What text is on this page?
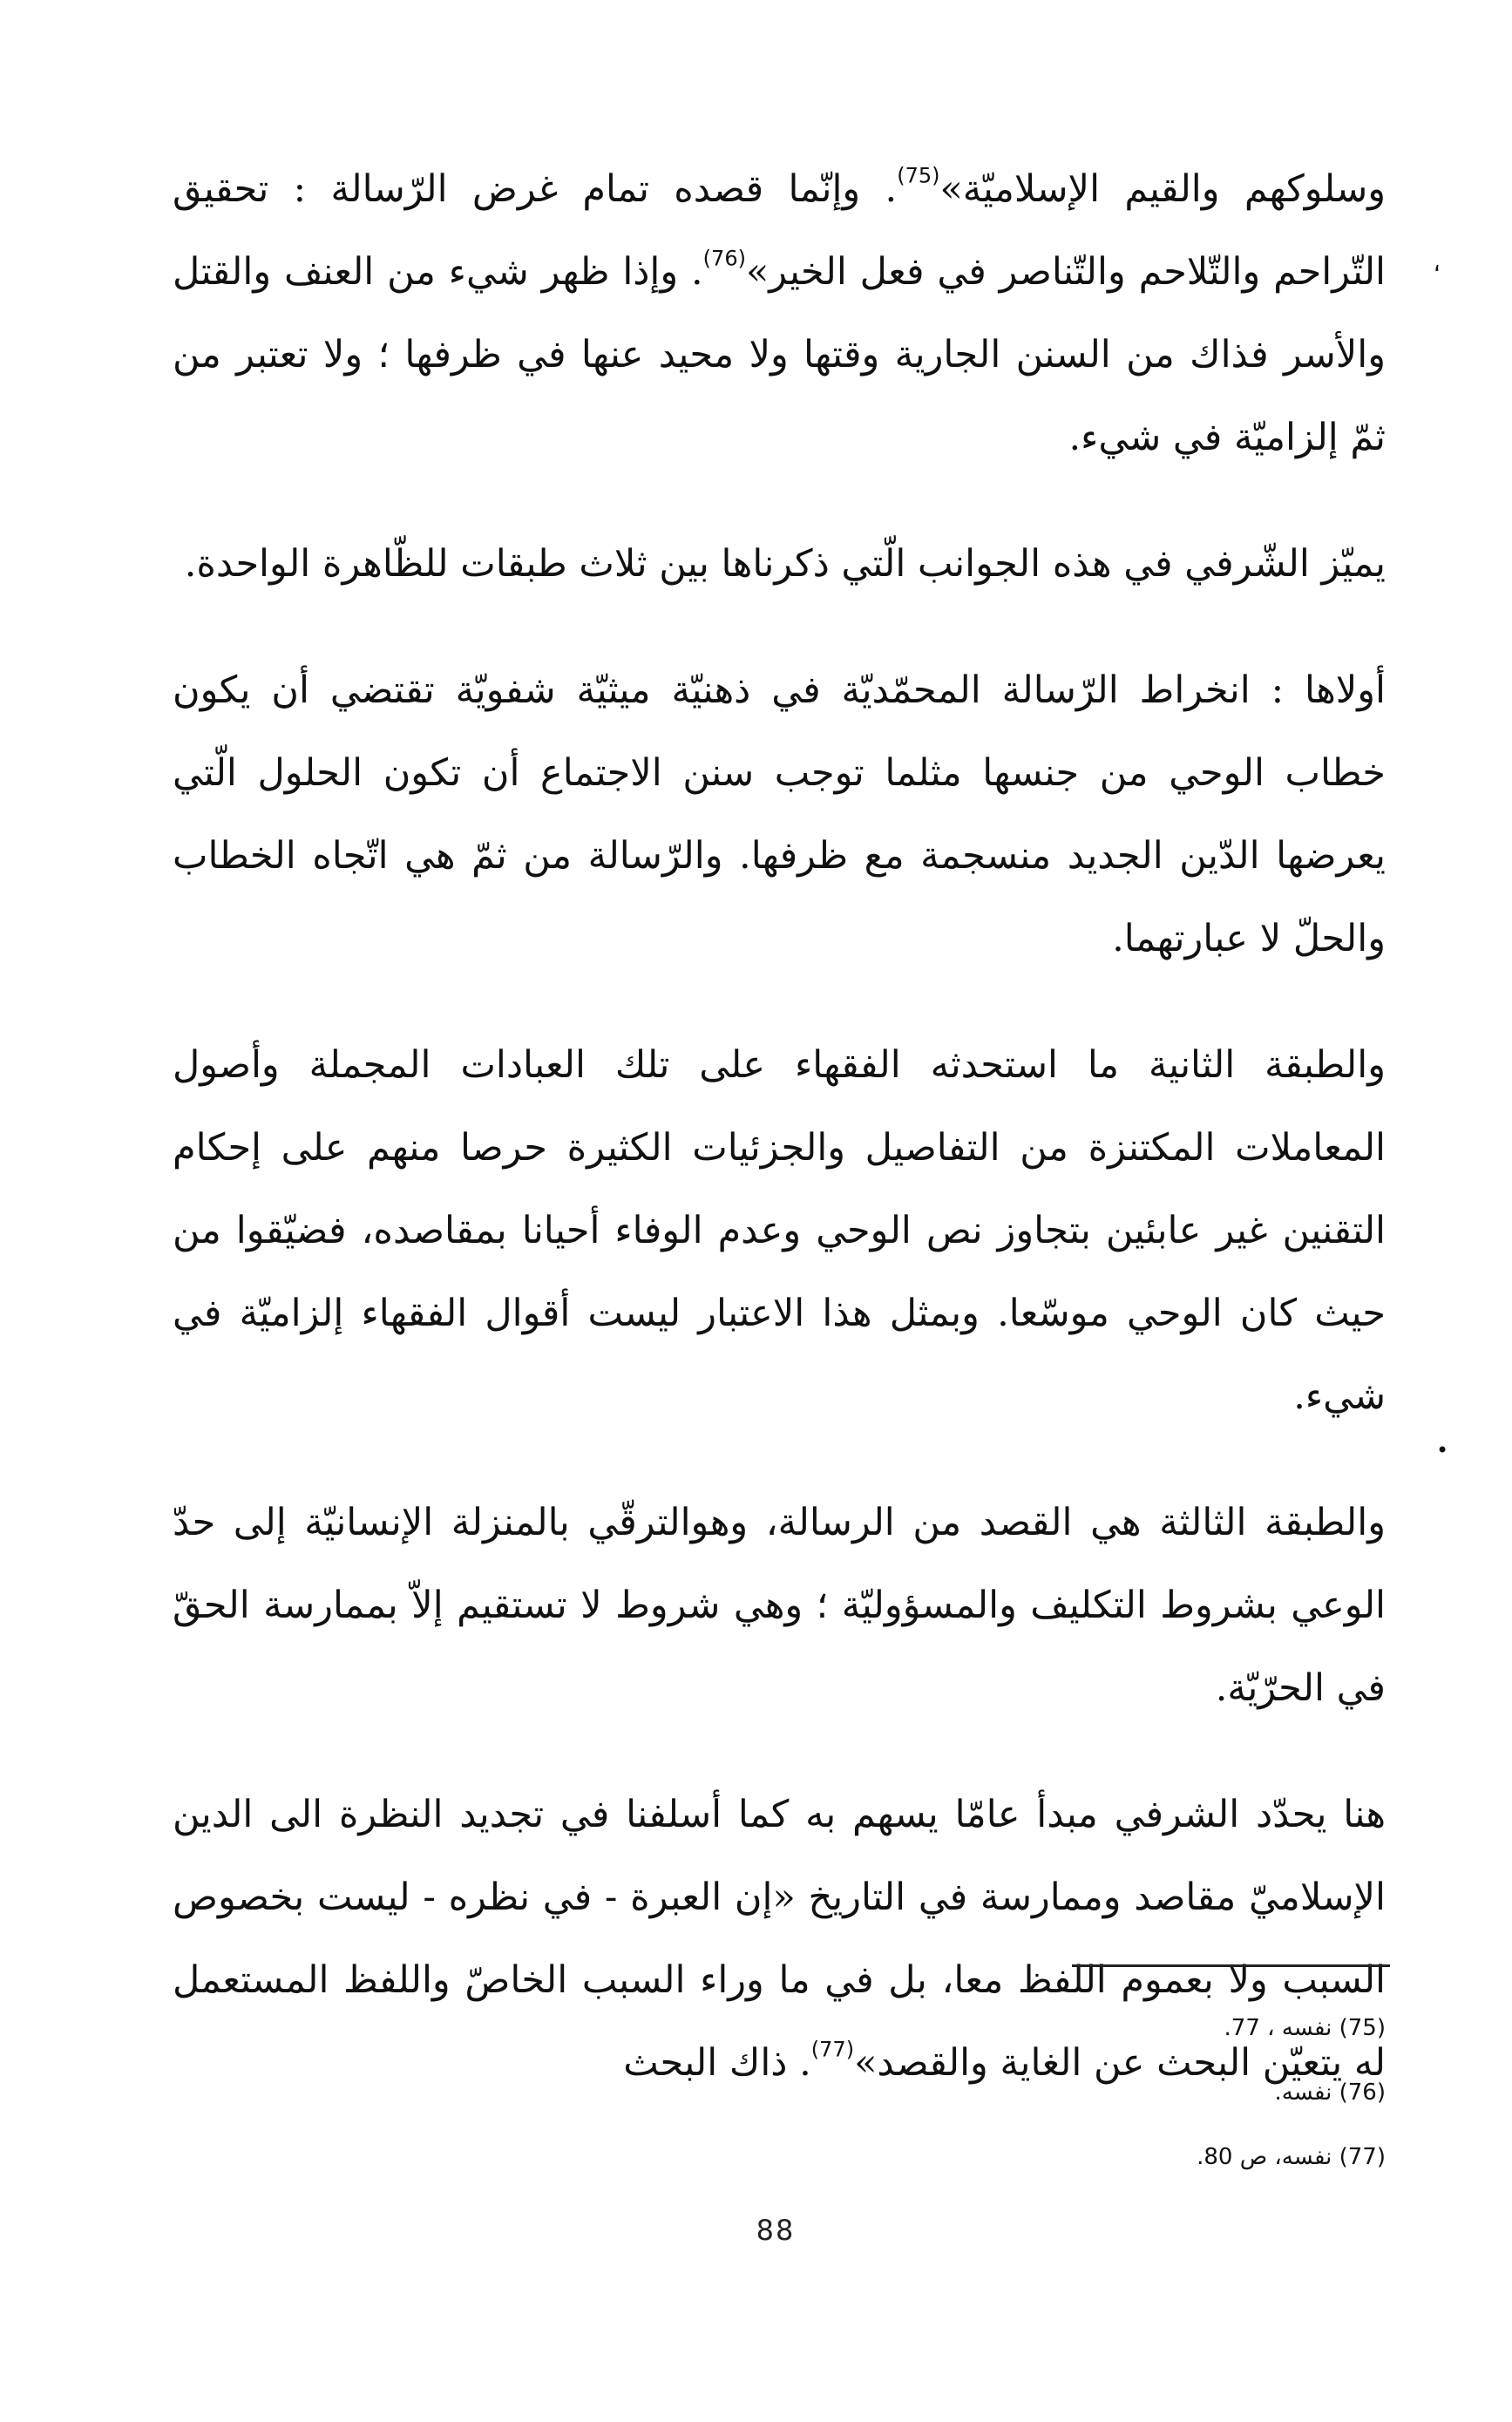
وسلوكهم والقيم الإسلاميّة»$^{(75)}$. وإنّما قصده تمام غرض الرّسالة : تحقيق التّراحم والتّلاحم والتّناصر في فعل الخير»$^{(76)}$. وإذا ظهر شيء من العنف والقتل والأسر فذاك من السنن الجارية وقتها ولا محيد عنها في ظرفها ؛ ولا تعتبر من ثمّ إلزاميّة في شيء.

يميّز الشّرفي في هذه الجوانب الّتي ذكرناها بين ثلاث طبقات للظّاهرة الواحدة.

أولاها : انخراط الرّسالة المحمّديّة في ذهنيّة ميثيّة شفويّة تقتضي أن يكون خطاب الوحي من جنسها مثلما توجب سنن الاجتماع أن تكون الحلول الّتي يعرضها الدّين الجديد منسجمة مع ظرفها. والرّسالة من ثمّ هي اتّجاه الخطاب والحلّ لا عبارتهما.

والطبقة الثانية ما استحدثه الفقهاء على تلك العبادات المجملة وأصول المعاملات المكتنزة من التفاصيل والجزئيات الكثيرة حرصا منهم على إحكام التقنين غير عابئين بتجاوز نص الوحي وعدم الوفاء أحيانا بمقاصده، فضيّقوا من حيث كان الوحي موسّعا. وبمثل هذا الاعتبار ليست أقوال الفقهاء إلزاميّة في شيء.

والطبقة الثالثة هي القصد من الرسالة، وهوالترقّي بالمنزلة الإنسانيّة إلى حدّ الوعي بشروط التكليف والمسؤوليّة ؛ وهي شروط لا تستقيم إلاّ بممارسة الحقّ في الحرّيّة.

هنا يحدّد الشرفي مبدأ عامّا يسهم به كما أسلفنا في تجديد النظرة الى الدين الإسلاميّ مقاصد وممارسة في التاريخ «إن العبرة - في نظره - ليست بخصوص السبب ولا بعموم اللفظ معا، بل في ما وراء السبب الخاصّ واللفظ المستعمل له يتعيّن البحث عن الغاية والقصد»$^{(77)}$. ذاك البحث

(75) نفسه ، 77.
(76) نفسه.
(77) نفسه، ص 80.
88
،
•
